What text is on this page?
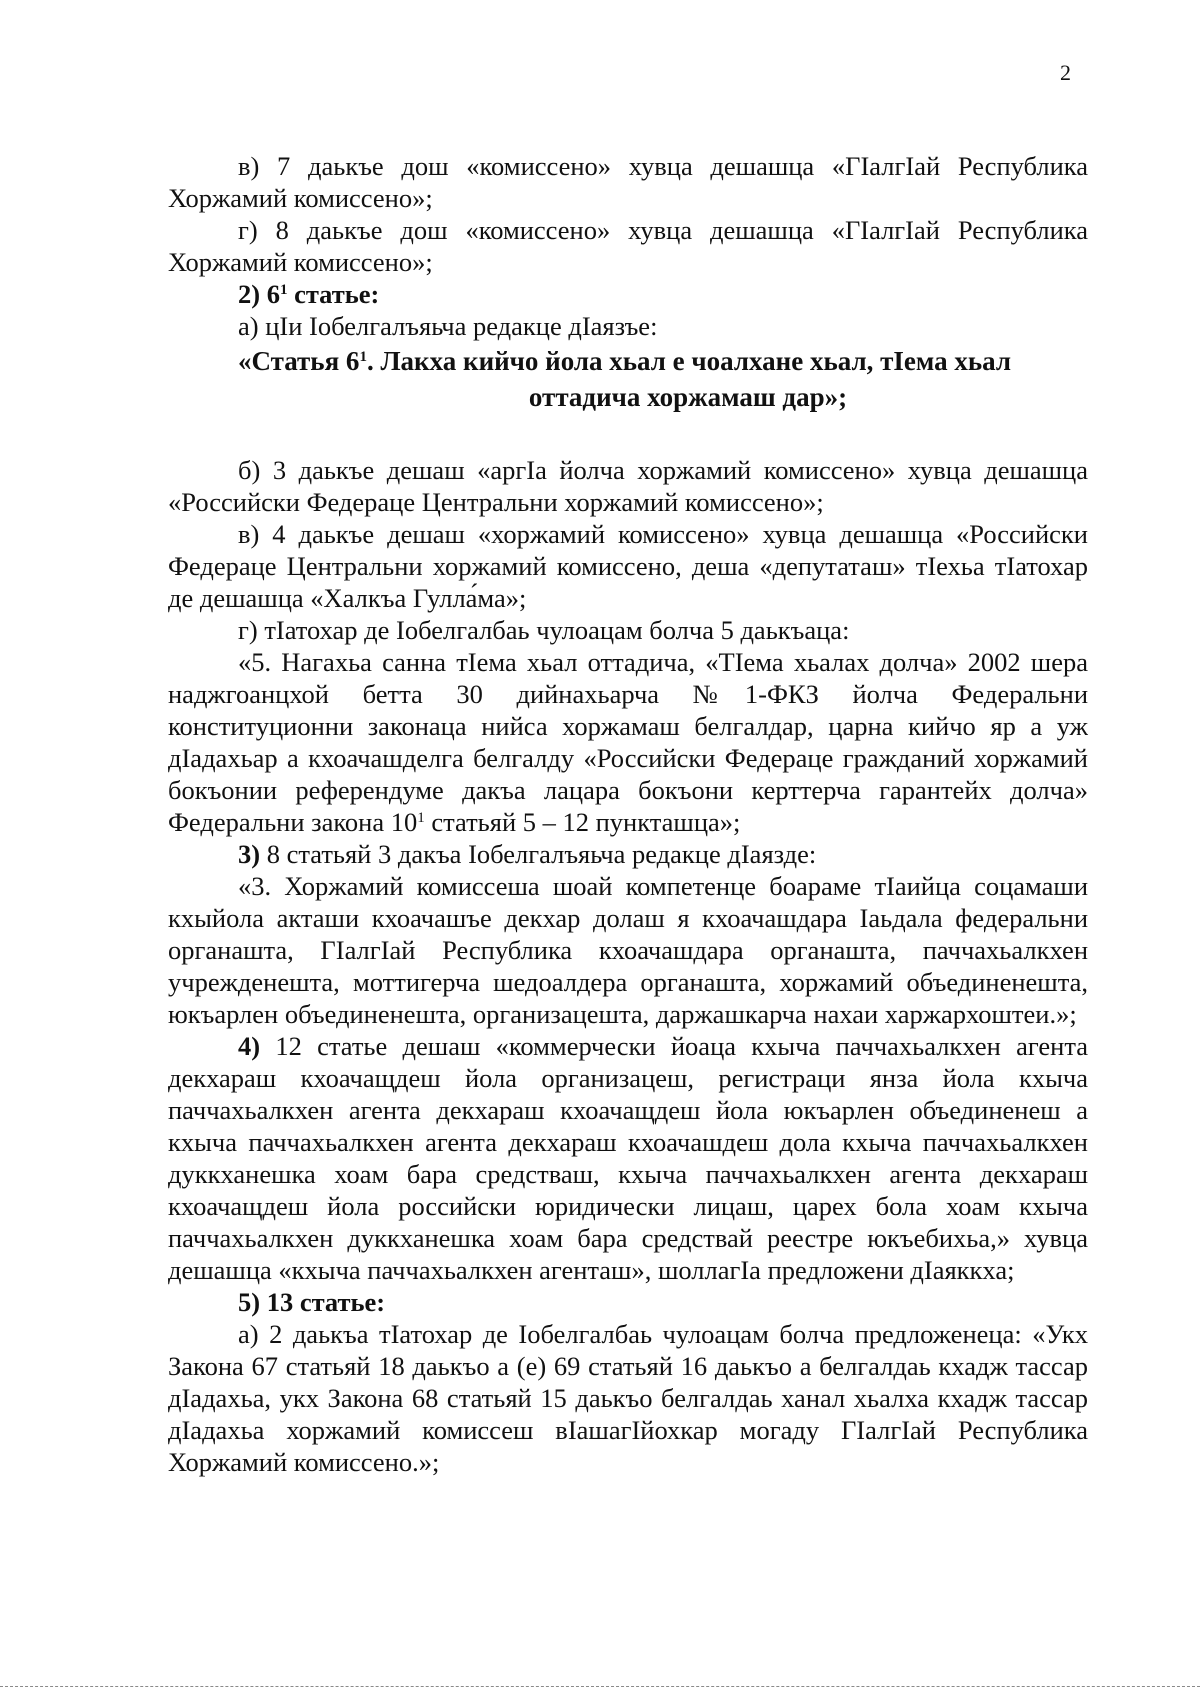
2

в) 7 даькъе дош «комиссено» хувца дешашца «ГӀалгӀай Республика Хоржамий комиссено»;

г) 8 даькъе дош «комиссено» хувца дешашца «ГӀалгӀай Республика Хоржамий комиссено»;

2) $6^1$ статье:

а) цӀи Ӏобелгалъяьча редакце дӀаязъе:

«Статья $6^1$. Лакха кийчо йола хьал е чоалхане хьал, тӀема хьал

оттадича хоржамаш дар»;

б) 3 даькъе дешаш «аргӀа йолча хоржамий комиссено» хувца дешашца «Российски Федераце Центральни хоржамий комиссено»;

в) 4 даькъе дешаш «хоржамий комиссено» хувца дешашца «Российски Федераце Центральни хоржамий комиссено, деша «депутаташ» тӀехьа тӀатохар де дешашца «Халкъа Гулла́ма»;

г) тӀатохар де Ӏобелгалбаь чулоацам болча 5 даькъаца:

«5. Нагахьа санна тӀема хьал оттадича, «ТӀема хьалах долча» 2002 шера наджгоанцхой бетта 30 дийнахьарча №1-ФКЗ йолча Федеральни конституционни законаца нийса хоржамаш белгалдар, царна кийчо яр а уж дӀадахьар а кхоачашделга белгалду «Российски Федераце гражданий хоржамий бокъонии референдуме дакъа лацара бокъони керттерча гарантейх долча» Федеральни закона $10^1$ статьяй 5 – 12 пункташца»;

3) 8 статьяй 3 дакъа Ӏобелгалъяьча редакце дӀаязде:

«3. Хоржамий комиссеша шоай компетенце боараме тӀаийца соцамаши кхыйола акташи кхоачашъе декхар долаш я кхоачашдара Ӏаьдала федеральни органашта, ГӀалгӀай Республика кхоачашдара органашта, паччахьалкхен учрежденешта, моттигерча шедоалдера органашта, хоржамий объединенешта, юкъарлен объединенешта, организацешта, даржашкарча нахаи харжархоштеи.»;

4) 12 статье дешаш «коммерчески йоаца кхыча паччахьалкхен агента декхараш кхоачащдеш йола организацеш, регистраци янза йола кхыча паччахьалкхен агента декхараш кхоачащдеш йола юкъарлен объединенеш а кхыча паччахьалкхен агента декхараш кхоачашдеш дола кхыча паччахьалкхен дуккханешка хоам бара средстваш, кхыча паччахьалкхен агента декхараш кхоачащдеш йола российски юридически лицаш, царех бола хоам кхыча паччахьалкхен дуккханешка хоам бара средствай реестре юкъебихьа,» хувца дешашца «кхыча паччахьалкхен агенташ», шоллагӀа предложени дӀаяккха;

5) 13 статье:

а) 2 даькъа тӀатохар де Ӏобелгалбаь чулоацам болча предложенеца: «Укх Закона 67 статьяй 18 даькъо а (е) 69 статьяй 16 даькъо а белгалдаь кхадж тассар дӀадахьа, укх Закона 68 статьяй 15 даькъо белгалдаь ханал хьалха кхадж тассар дӀадахьа хоржамий комиссеш вӀашагӀйохкар могаду ГӀалгӀай Республика Хоржамий комиссено.»;
